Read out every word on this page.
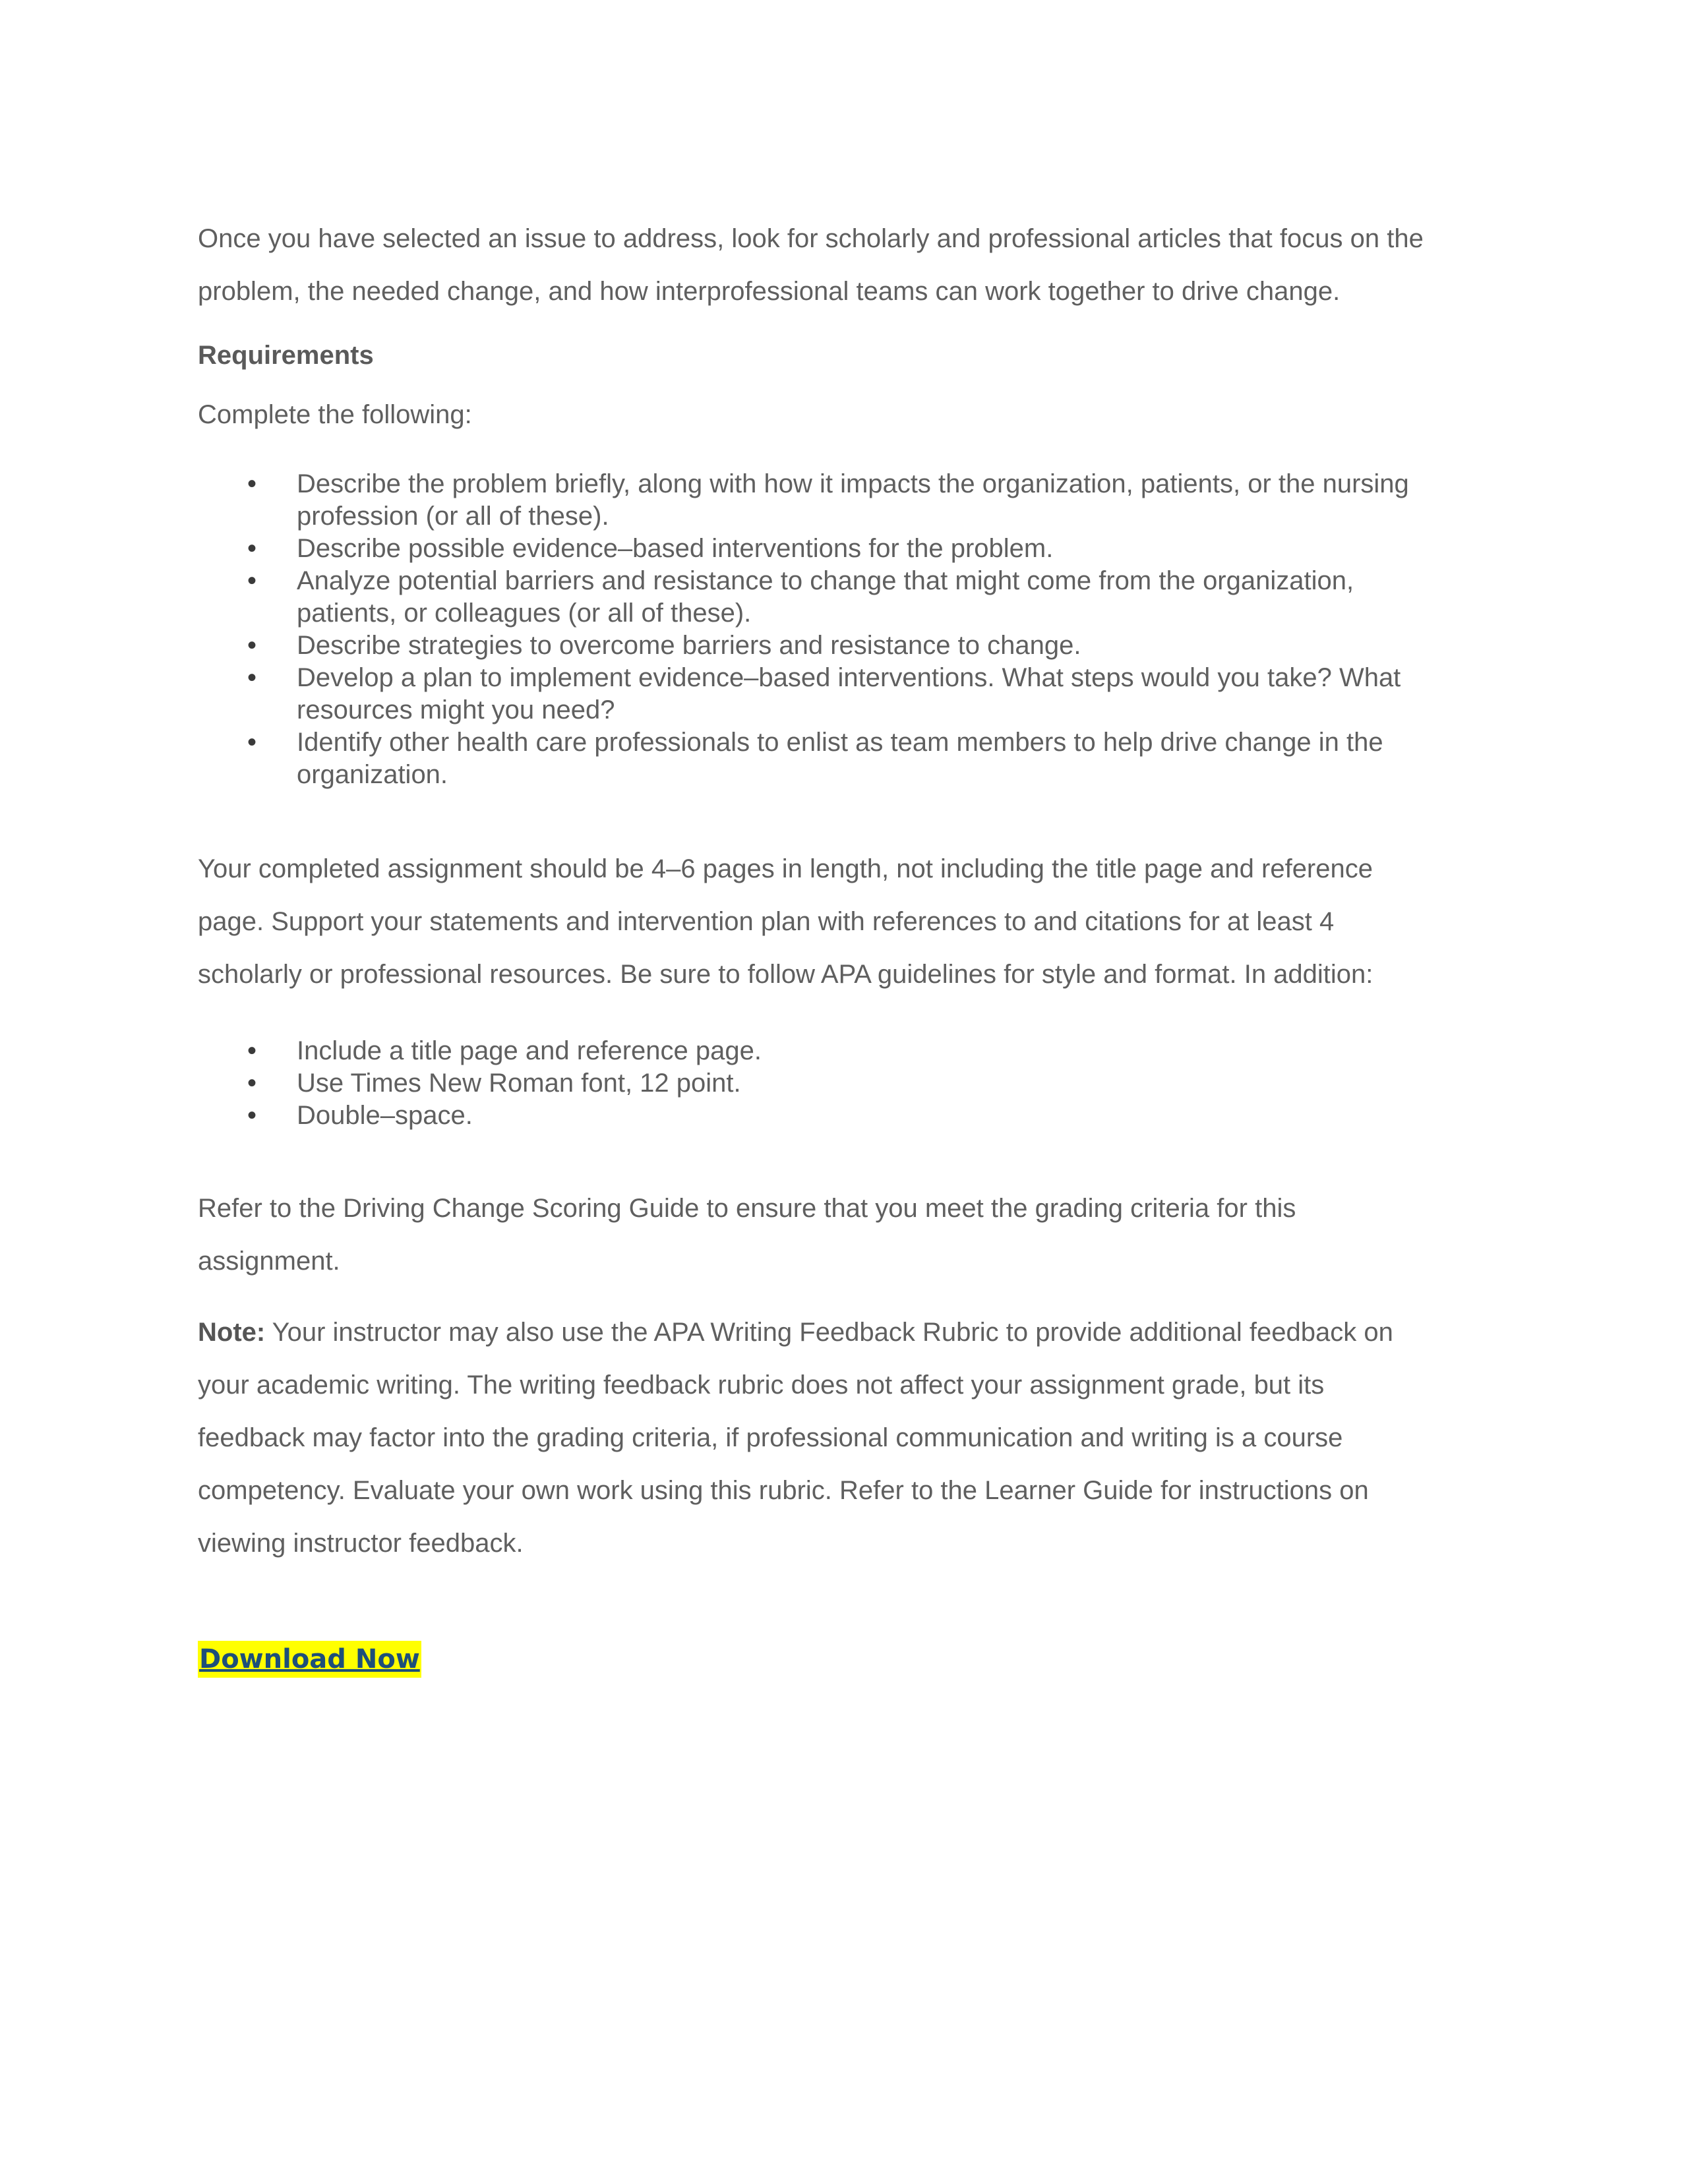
Once you have selected an issue to address, look for scholarly and professional articles that focus on the
problem, the needed change, and how interprofessional teams can work together to drive change.

Requirements

Complete the following:

• Describe the problem briefly, along with how it impacts the organization, patients, or the nursing
profession (or all of these).
• Describe possible evidence–based interventions for the problem.
• Analyze potential barriers and resistance to change that might come from the organization,
patients, or colleagues (or all of these).
• Describe strategies to overcome barriers and resistance to change.
• Develop a plan to implement evidence–based interventions. What steps would you take? What
resources might you need?
• Identify other health care professionals to enlist as team members to help drive change in the
organization.

Your completed assignment should be 4–6 pages in length, not including the title page and reference
page. Support your statements and intervention plan with references to and citations for at least 4
scholarly or professional resources. Be sure to follow APA guidelines for style and format. In addition:

• Include a title page and reference page.
• Use Times New Roman font, 12 point.
• Double–space.

Refer to the Driving Change Scoring Guide to ensure that you meet the grading criteria for this
assignment.

Note: Your instructor may also use the APA Writing Feedback Rubric to provide additional feedback on
your academic writing. The writing feedback rubric does not affect your assignment grade, but its
feedback may factor into the grading criteria, if professional communication and writing is a course
competency. Evaluate your own work using this rubric. Refer to the Learner Guide for instructions on
viewing instructor feedback.

Download Now
